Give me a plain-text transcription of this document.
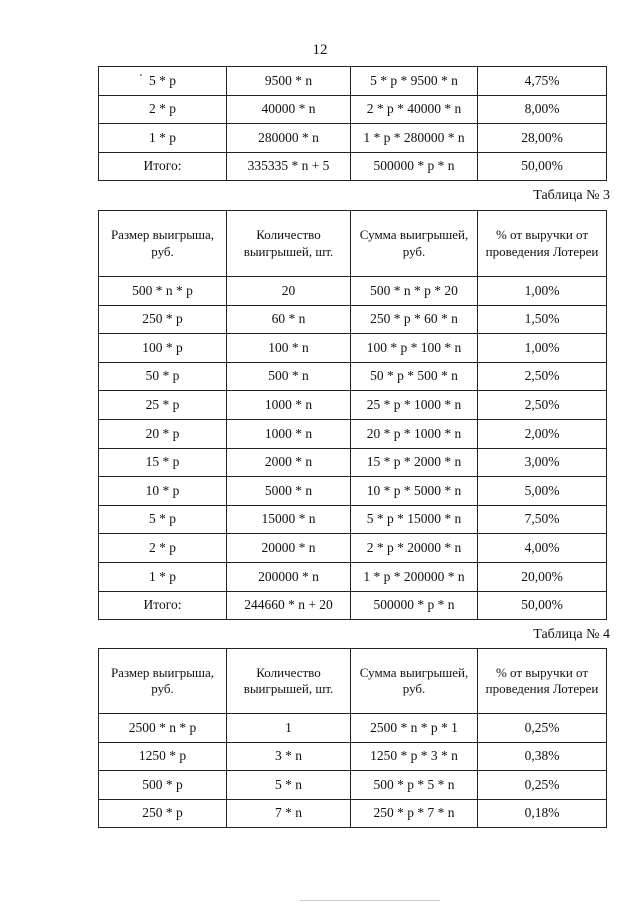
12
5 * p	9500 * n	5 * p * 9500 * n	4,75%
2 * p	40000 * n	2 * p * 40000 * n	8,00%
1 * p	280000 * n	1 * p * 280000 * n	28,00%
Итого:	335335 * n + 5	500000 * p * n	50,00%
Таблица № 3
Размер выигрыша, руб.	Количество выигрышей, шт.	Сумма выигрышей, руб.	% от выручки от проведения Лотереи
500 * n * p	20	500 * n * p * 20	1,00%
250 * p	60 * n	250 * p * 60 * n	1,50%
100 * p	100 * n	100 * p * 100 * n	1,00%
50 * p	500 * n	50 * p * 500 * n	2,50%
25 * p	1000 * n	25 * p * 1000 * n	2,50%
20 * p	1000 * n	20 * p * 1000 * n	2,00%
15 * p	2000 * n	15 * p * 2000 * n	3,00%
10 * p	5000 * n	10 * p * 5000 * n	5,00%
5 * p	15000 * n	5 * p * 15000 * n	7,50%
2 * p	20000 * n	2 * p * 20000 * n	4,00%
1 * p	200000 * n	1 * p * 200000 * n	20,00%
Итого:	244660 * n + 20	500000 * p * n	50,00%
Таблица № 4
Размер выигрыша, руб.	Количество выигрышей, шт.	Сумма выигрышей, руб.	% от выручки от проведения Лотереи
2500 * n * p	1	2500 * n * p * 1	0,25%
1250 * p	3 * n	1250 * p * 3 * n	0,38%
500 * p	5 * n	500 * p * 5 * n	0,25%
250 * p	7 * n	250 * p * 7 * n	0,18%
